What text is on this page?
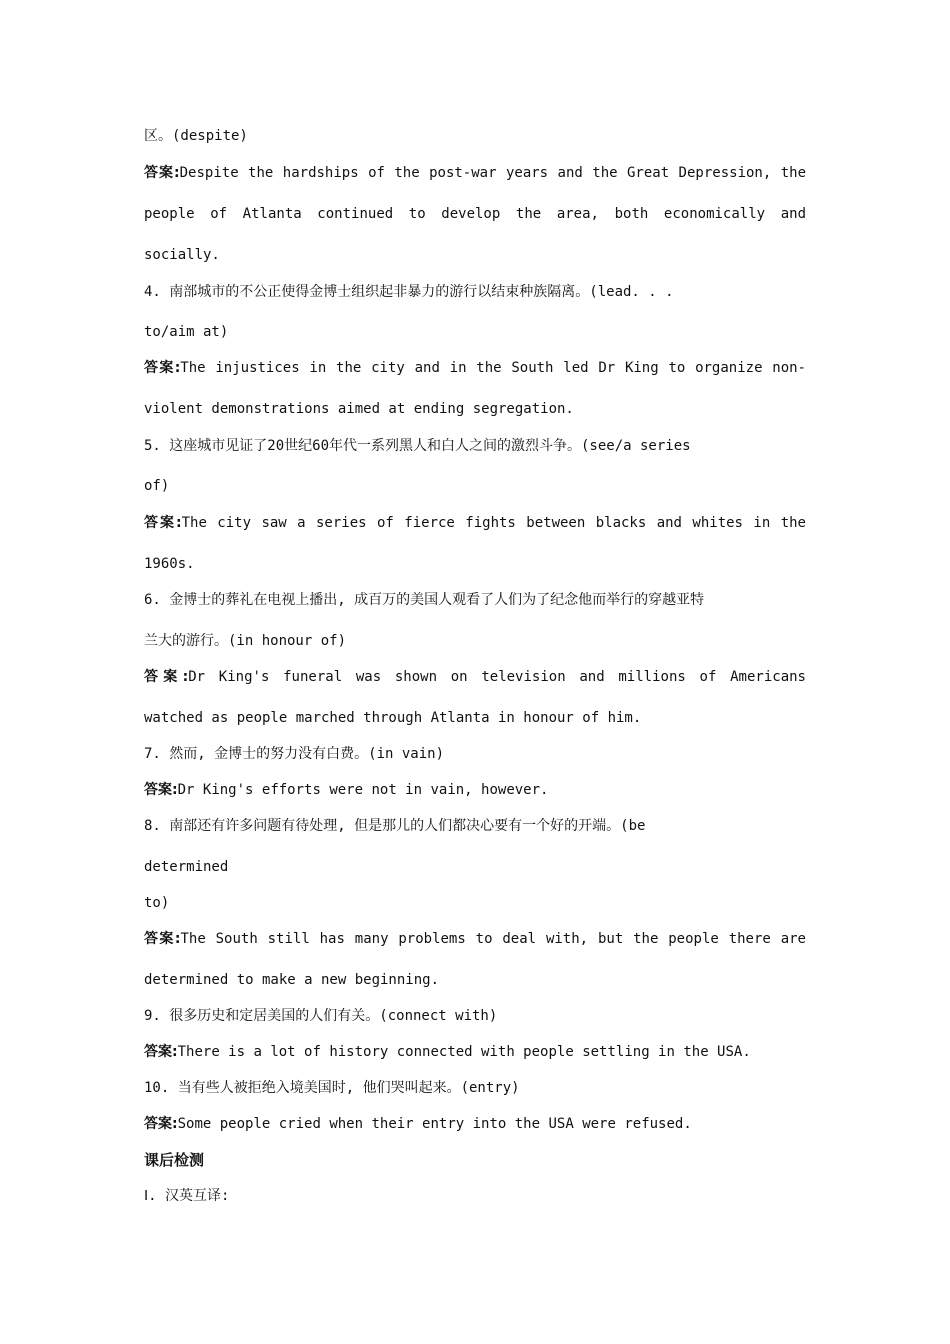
区。(despite)
答案:Despite the hardships of the post-war years and the Great Depression, the
people of Atlanta continued to develop the area, both economically and
socially.
4. 南部城市的不公正使得金博士组织起非暴力的游行以结束种族隔离。(lead. . .
to/aim at)
答案:The injustices in the city and in the South led Dr King to organize non-
violent demonstrations aimed at ending segregation.
5. 这座城市见证了20世纪60年代一系列黑人和白人之间的激烈斗争。(see/a series
of)
答案:The city saw a series of fierce fights between blacks and whites in the
1960s.
6. 金博士的葬礼在电视上播出, 成百万的美国人观看了人们为了纪念他而举行的穿越亚特
兰大的游行。(in honour of)
答案:Dr King's funeral was shown on television and millions of Americans
watched as people marched through Atlanta in honour of him.
7. 然而, 金博士的努力没有白费。(in vain)
答案:Dr King's efforts were not in vain, however.
8. 南部还有许多问题有待处理, 但是那儿的人们都决心要有一个好的开端。(be
determined
to)
答案:The South still has many problems to deal with, but the people there are
determined to make a new beginning.
9. 很多历史和定居美国的人们有关。(connect with)
答案:There is a lot of history connected with people settling in the USA.
10. 当有些人被拒绝入境美国时, 他们哭叫起来。(entry)
答案:Some people cried when their entry into the USA were refused.
课后检测
Ⅰ. 汉英互译:
